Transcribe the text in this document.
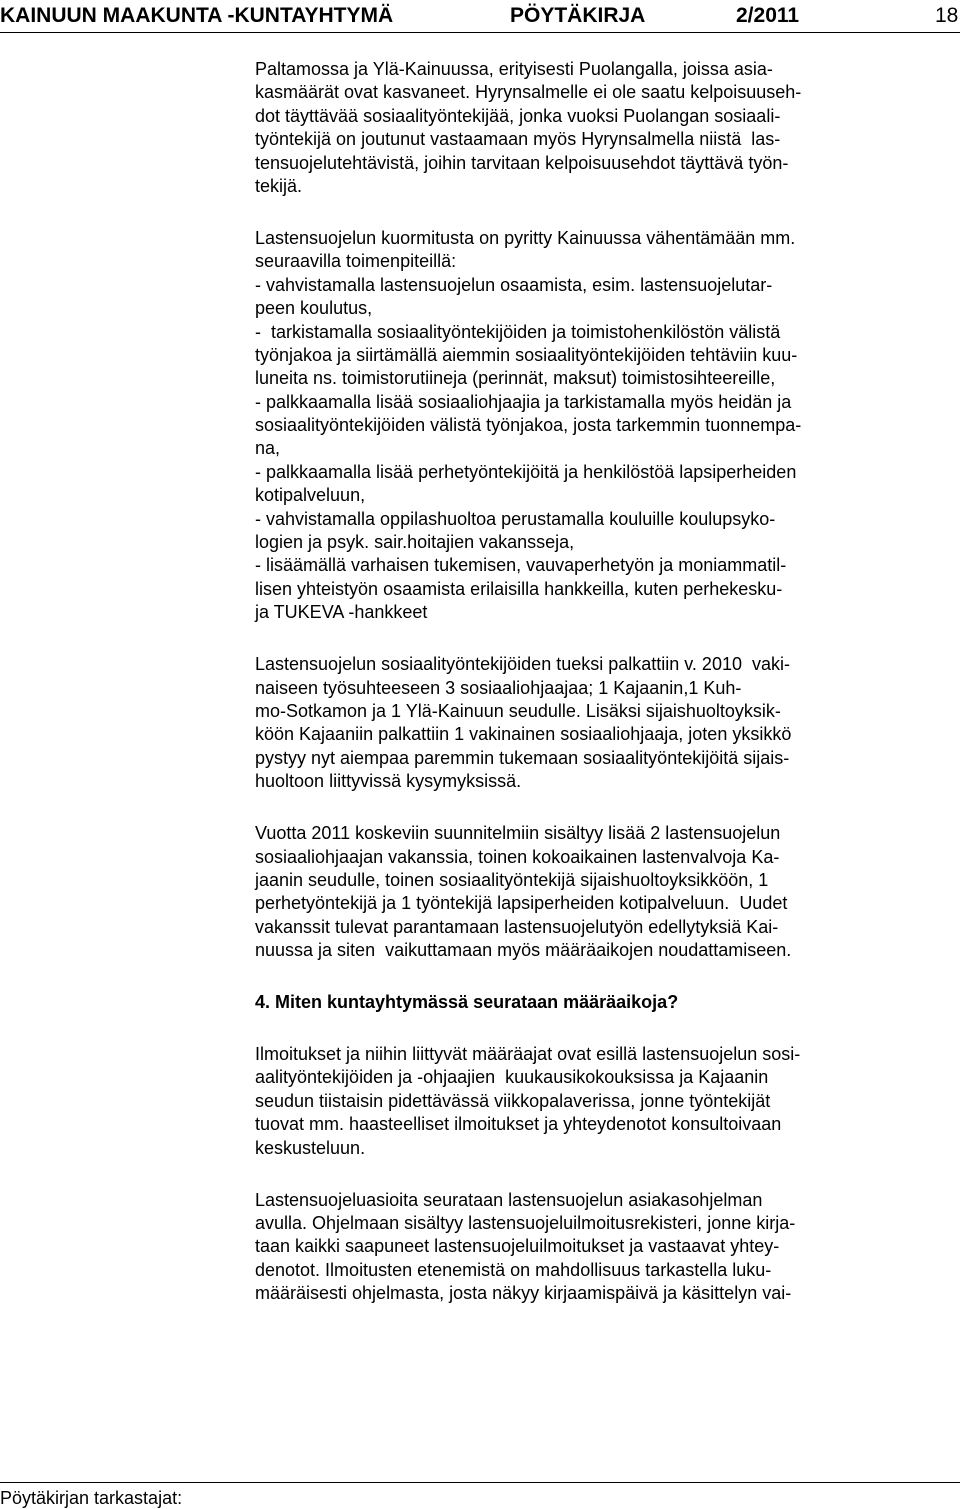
KAINUUN MAAKUNTA -KUNTAYHTYMÄ	PÖYTÄKIRJA	2/2011	18
Paltamossa ja Ylä-Kainuussa, erityisesti Puolangalla, joissa asia-
kasmäärät ovat kasvaneet. Hyrynsalmelle ei ole saatu kelpoisuuseh-
dot täyttävää sosiaalityöntekijää, jonka vuoksi Puolangan sosiaali-
työntekijä on joutunut vastaamaan myös Hyrynsalmella niistä  las-
tensuojelutehtävistä, joihin tarvitaan kelpoisuusehdot täyttävä työn-
tekijä.
Lastensuojelun kuormitusta on pyritty Kainuussa vähentämään mm.
seuraavilla toimenpiteillä:
- vahvistamalla lastensuojelun osaamista, esim. lastensuojelutar-
peen koulutus,
-  tarkistamalla sosiaalityöntekijöiden ja toimistohenkilöstön välistä
työnjakoa ja siirtämällä aiemmin sosiaalityöntekijöiden tehtäviin kuu-
luneita ns. toimistorutiineja (perinnät, maksut) toimistosihteereille,
- palkkaamalla lisää sosiaaliohjaajia ja tarkistamalla myös heidän ja
sosiaalityöntekijöiden välistä työnjakoa, josta tarkemmin tuonnempa-
na,
- palkkaamalla lisää perhetyöntekijöitä ja henkilöstöä lapsiperheiden
kotipalveluun,
- vahvistamalla oppilashuoltoa perustamalla kouluille koulupsyko-
logien ja psyk. sair.hoitajien vakansseja,
- lisäämällä varhaisen tukemisen, vauvaperhetyön ja moniammatil-
lisen yhteistyön osaamista erilaisilla hankkeilla, kuten perhekesku-
ja TUKEVA -hankkeet
Lastensuojelun sosiaalityöntekijöiden tueksi palkattiin v. 2010  vaki-
naiseen työsuhteeseen 3 sosiaaliohjaajaa; 1 Kajaanin,1 Kuh-
mo-Sotkamon ja 1 Ylä-Kainuun seudulle. Lisäksi sijaishuoltoyksik-
köön Kajaaniin palkattiin 1 vakinainen sosiaaliohjaaja, joten yksikkö
pystyy nyt aiempaa paremmin tukemaan sosiaalityöntekijöitä sijais-
huoltoon liittyvissä kysymyksissä.
Vuotta 2011 koskeviin suunnitelmiin sisältyy lisää 2 lastensuojelun
sosiaaliohjaajan vakanssia, toinen kokoaikainen lastenvalvoja Ka-
jaanin seudulle, toinen sosiaalityöntekijä sijaishuoltoyksikköön, 1
perhetyöntekijä ja 1 työntekijä lapsiperheiden kotipalveluun.  Uudet
vakanssit tulevat parantamaan lastensuojelutyön edellytyksiä Kai-
nuussa ja siten  vaikuttamaan myös määräaikojen noudattamiseen.
4. Miten kuntayhtymässä seurataan määräaikoja?
Ilmoitukset ja niihin liittyvät määräajat ovat esillä lastensuojelun sosi-
aalityöntekijöiden ja -ohjaajien  kuukausikokouksissa ja Kajaanin
seudun tiistaisin pidettävässä viikkopalaverissa, jonne työntekijät
tuovat mm. haasteelliset ilmoitukset ja yhteydenotot konsultoivaan
keskusteluun.
Lastensuojeluasioita seurataan lastensuojelun asiakasohjelman
avulla. Ohjelmaan sisältyy lastensuojeluilmoitusrekisteri, jonne kirja-
taan kaikki saapuneet lastensuojeluilmoitukset ja vastaavat yhtey-
denotot. Ilmoitusten etenemistä on mahdollisuus tarkastella luku-
määräisesti ohjelmasta, josta näkyy kirjaamispäivä ja käsittelyn vai-
Pöytäkirjan tarkastajat:
